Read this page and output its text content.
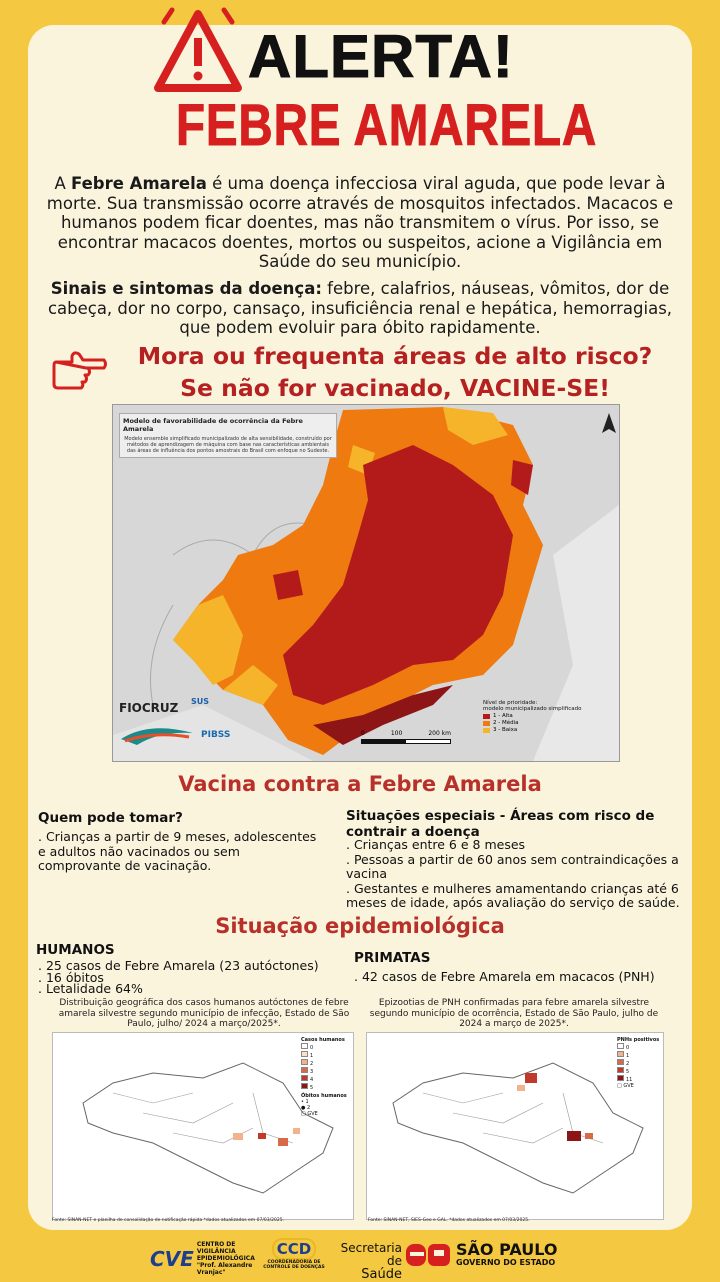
ALERTA!
FEBRE AMARELA
A Febre Amarela é uma doença infecciosa viral aguda, que pode levar à morte. Sua transmissão ocorre através de mosquitos infectados. Macacos e humanos podem ficar doentes, mas não transmitem o vírus. Por isso, se encontrar macacos doentes, mortos ou suspeitos, acione a Vigilância em Saúde do seu município.
Sinais e sintomas da doença: febre, calafrios, náuseas, vômitos, dor de cabeça, dor no corpo, cansaço, insuficiência renal e hepática, hemorragias, que podem evoluir para óbito rapidamente.
Mora ou frequenta áreas de alto risco?
Se não for vacinado, VACINE-SE!
Modelo de favorabilidade de ocorrência da Febre Amarela
Modelo ensemble simplificado municipalizado de alta sensibilidade, construído por métodos de aprendizagem de máquina com base nas características ambientais das áreas de influência dos pontos amostrais do Brasil com enfoque no Sudeste.
Nível de prioridade:
modelo municipalizado simplificado
1 - Alta
2 - Média
3 - Baixa
0	100	200 km
FIOCRUZ SUS
PIBSS
Vacina contra a Febre Amarela
Quem pode tomar?
. Crianças a partir de 9 meses, adolescentes e adultos não vacinados ou sem comprovante de vacinação.
Situações especiais - Áreas com risco de contrair a doença
. Crianças entre 6 e 8 meses
. Pessoas a partir de 60 anos sem contraindicações a vacina
. Gestantes e mulheres amamentando crianças até 6 meses de idade, após avaliação do serviço de saúde.
Situação epidemiológica
HUMANOS
. 25 casos de Febre Amarela (23 autóctones)
. 16 óbitos
. Letalidade 64%
PRIMATAS
. 42 casos de Febre Amarela em macacos (PNH)
Distribuição geográfica dos casos humanos autóctones de febre amarela silvestre segundo município de infecção, Estado de São Paulo, julho/ 2024 a março/2025*.
Epizootias de PNH confirmadas para febre amarela silvestre segundo município de ocorrência, Estado de São Paulo, julho de 2024 a março de 2025*.
Casos humanos
0
1
2
3
4
5
Óbitos humanos
• 1
● 2
□ GVE
Fonte: SINAN-NET e planilha de consolidação de notificação rápida *dados atualizados em 07/03/2025.
PNHs positivos
0
1
2
5
11
□ GVE
Fonte: SINAN-NET, SIES-Geo e GAL. *dados atualizados em 07/03/2025.
CVE
CENTRO DE VIGILÂNCIA EPIDEMIOLÓGICA "Prof. Alexandre Vranjac"
CCD
COORDENADORIA DE CONTROLE DE DOENÇAS
Secretaria de
Saúde
SÃO PAULO
GOVERNO DO ESTADO
